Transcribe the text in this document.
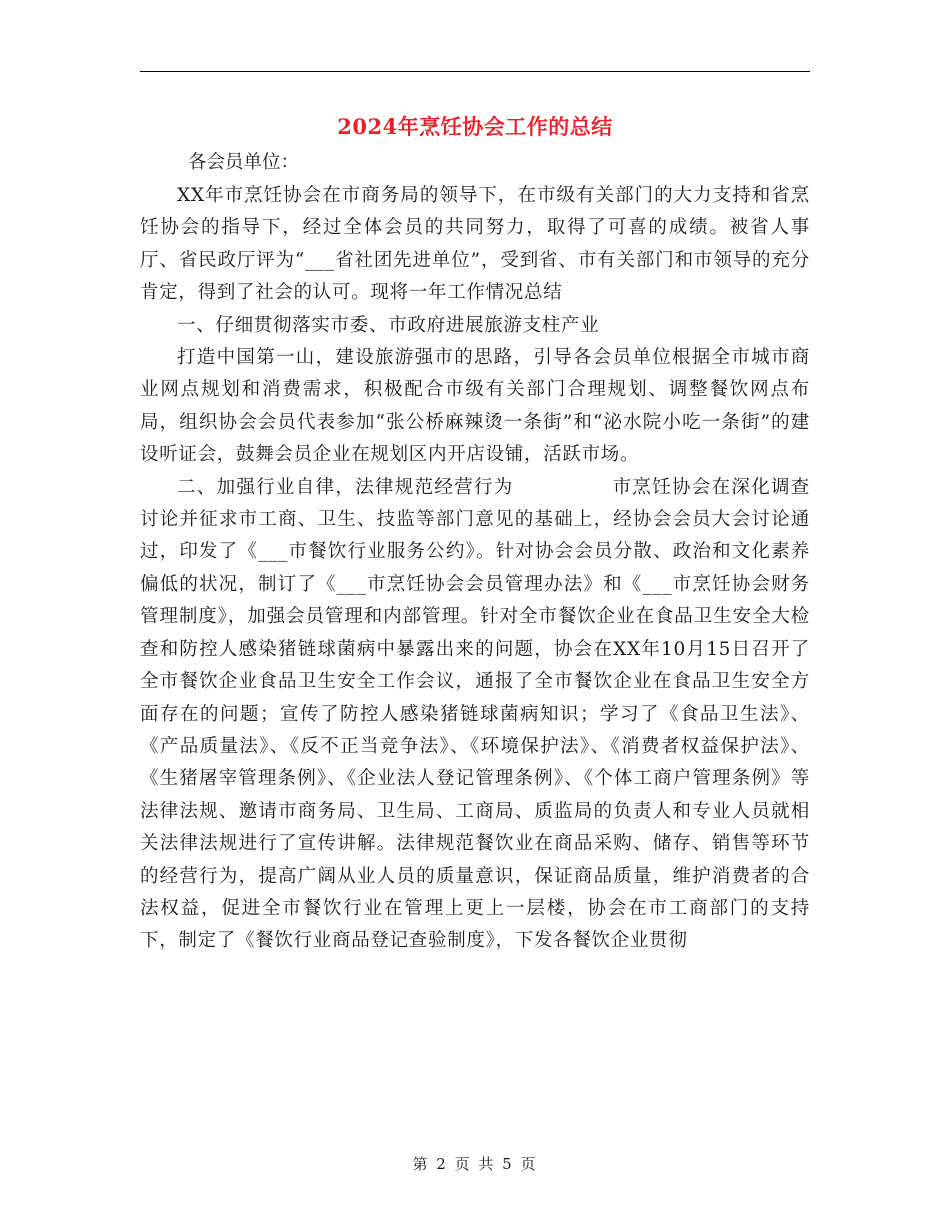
2024年烹饪协会工作的总结
各会员单位：

XX年市烹饪协会在市商务局的领导下，在市级有关部门的大力支持和省烹饪协会的指导下，经过全体会员的共同努力，取得了可喜的成绩。被省人事厅、省民政厅评为“___省社团先进单位”，受到省、市有关部门和市领导的充分肯定，得到了社会的认可。现将一年工作情况总结

一、仔细贯彻落实市委、市政府进展旅游支柱产业

打造中国第一山，建设旅游强市的思路，引导各会员单位根据全市城市商业网点规划和消费需求，积极配合市级有关部门合理规划、调整餐饮网点布局，组织协会会员代表参加“张公桥麻辣烫一条街”和“泌水院小吃一条街”的建设听证会，鼓舞会员企业在规划区内开店设铺，活跃市场。

二、加强行业自律，法律规范经营行为　　　　　市烹饪协会在深化调查讨论并征求市工商、卫生、技监等部门意见的基础上，经协会会员大会讨论通过，印发了《___市餐饮行业服务公约》。针对协会会员分散、政治和文化素养偏低的状况，制订了《___市烹饪协会会员管理办法》和《___市烹饪协会财务管理制度》，加强会员管理和内部管理。针对全市餐饮企业在食品卫生安全大检查和防控人感染猪链球菌病中暴露出来的问题，协会在XX年10月15日召开了全市餐饮企业食品卫生安全工作会议，通报了全市餐饮企业在食品卫生安全方面存在的问题；宣传了防控人感染猪链球菌病知识；学习了《食品卫生法》、《产品质量法》、《反不正当竞争法》、《环境保护法》、《消费者权益保护法》、《生猪屠宰管理条例》、《企业法人登记管理条例》、《个体工商户管理条例》等法律法规、邀请市商务局、卫生局、工商局、质监局的负责人和专业人员就相关法律法规进行了宣传讲解。法律规范餐饮业在商品采购、储存、销售等环节的经营行为，提高广阔从业人员的质量意识，保证商品质量，维护消费者的合法权益，促进全市餐饮行业在管理上更上一层楼，协会在市工商部门的支持下，制定了《餐饮行业商品登记查验制度》，下发各餐饮企业贯彻

第 2 页 共 5 页
